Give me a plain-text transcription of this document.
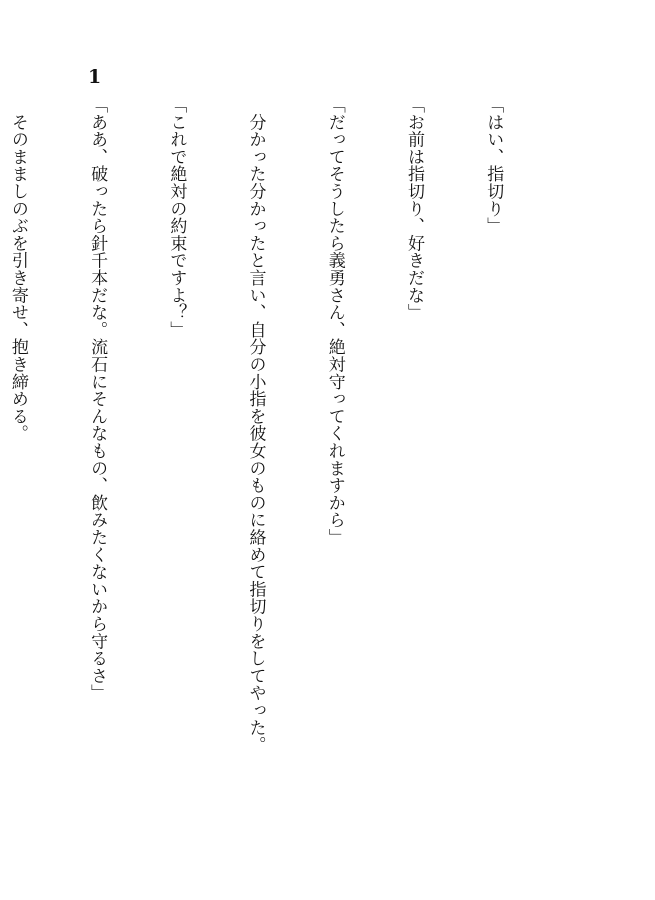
1

「はい、指切り」

「お前は指切り、好きだな」

「だってそうしたら義勇さん、絶対守ってくれますから」

　分かった分かったと言い、自分の小指を彼女のものに絡めて指切りをしてやった。

「これで絶対の約束ですよ？」

「ああ、破ったら針千本だな。流石にそんなもの、飲みたくないから守るさ」

　そのまましのぶを引き寄せ、抱き締める。
